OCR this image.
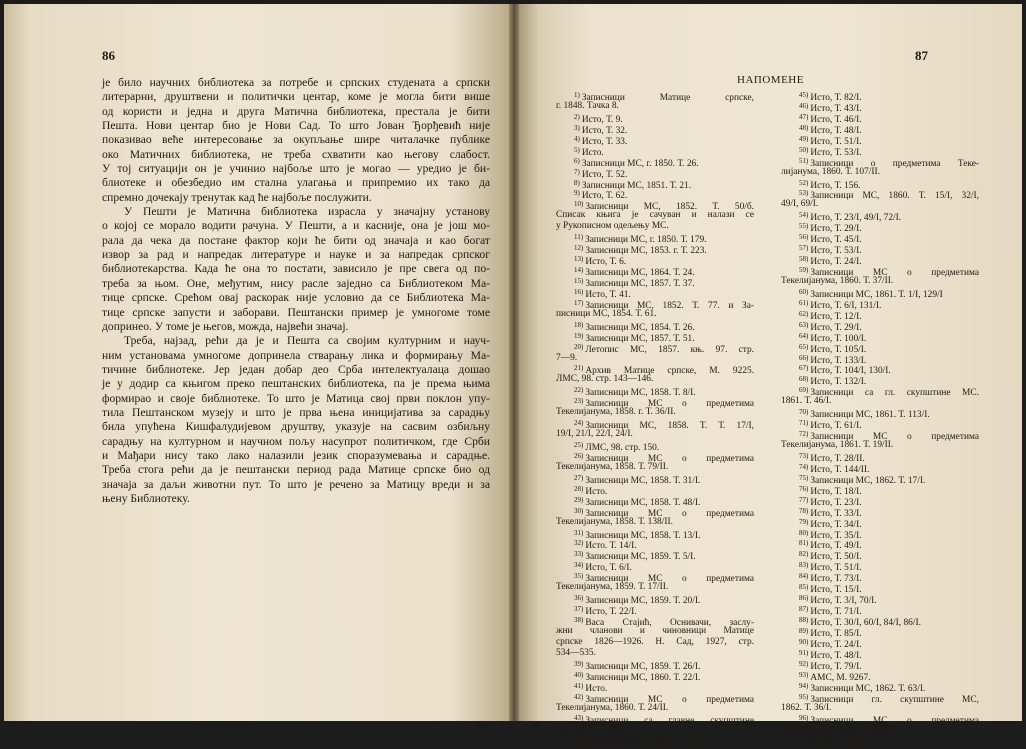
86
је било научних библиотека за потребе и српских студената а српски
литерарни, друштвени и политички центар, коме је могла бити више
од користи и једна и друга Матична библиотека, престала је бити
Пешта. Нови центар био је Нови Сад. То што Јован Ђорђевић није
показивао веће интересовање за окупљање шире читалачке публике
око Матичних библиотека, не треба схватити као његову слабост.
У тој ситуацији он је учинио најбоље што је могао — уредио је би-
блиотеке и обезбедио им стална улагања и припремио их тако да
спремно дочекају тренутак кад ће најбоље послужити.
У Пешти је Матична библиотека израсла у значајну установу
о којој се морало водити рачуна. У Пешти, а и касније, она је још мо-
рала да чека да постане фактор који ће бити од значаја и као богат
извор за рад и напредак литературе и науке и за напредак српског
библиотекарства. Када ће она то постати, зависило је пре свега од по-
треба за њом. Оне, међутим, нису расле заједно са Библиотеком Ма-
тице српске. Срећом овај раскорак није условио да се Библиотека Ма-
тице српске запусти и заборави. Пештански пример је умногоме томе
допринео. У томе је његов, можда, највећи значај.
Треба, најзад, рећи да је и Пешта са својим културним и науч-
ним установама умногоме допринела стварању лика и формирању Ма-
тичине библиотеке. Јер један добар део Срба интелектуалаца дошао
је у додир са књигом преко пештанских библиотека, па је према њима
формирао и своје библиотеке. То што је Матица свој први поклон упу-
тила Пештанском музеју и што је прва њена иницијатива за сарадњу
била упућена Кишфалудијевом друштву, указује на сасвим озбиљну
сарадњу на културном и научном пољу насупрот политичком, где Срби
и Мађари нису тако лако налазили језик споразумевања и сарадње.
Треба стога рећи да је пештански период рада Матице српске био од
значаја за даљи животни пут. То што је речено за Матицу вреди и за
њену Библиотеку.
87
НАПОМЕНЕ
$^{1)}$ Записници Матице српске,
г. 1848. Тачка 8.
$^{2)}$ Исто, Т. 9.
$^{3)}$ Исто, Т. 32.
$^{4)}$ Исто, Т. 33.
$^{5)}$ Исто.
$^{6)}$ Записници МС, г. 1850. Т. 26.
$^{7)}$ Исто, Т. 52.
$^{8)}$ Записници МС, 1851. Т. 21.
$^{9)}$ Исто, Т. 62.
$^{10)}$ Записници МС, 1852. Т. 50/б.
Списак књига је сачуван и налази се
у Рукописном одељењу МС.
$^{11)}$ Записници МС, г. 1850. Т. 179.
$^{12)}$ Записници МС, 1853. г. Т. 223.
$^{13)}$ Исто, Т. 6.
$^{14)}$ Записници МС, 1864. Т. 24.
$^{15)}$ Записници МС, 1857. Т. 37.
$^{16)}$ Исто, Т. 41.
$^{17)}$ Записници МС, 1852. Т. 77. и За-
писници МС, 1854. Т. 61.
$^{18)}$ Записници МС, 1854. Т. 26.
$^{19)}$ Записници МС, 1857. Т. 51.
$^{20)}$ Летопис МС, 1857. књ. 97. стр.
7—9.
$^{21)}$ Архив Матице српске, М. 9225.
ЛМС, 98. стр. 143—146.
$^{22)}$ Записници МС, 1858. Т. 8/І.
$^{23)}$ Записници МС о предметима
Текелијанума, 1858. г. Т. 36/ІІ.
$^{24)}$ Записници МС, 1858. Т. Т. 17/І,
19/І, 21/І, 22/І, 24/І.
$^{25)}$ ЛМС, 98. стр. 150.
$^{26)}$ Записници МС о предметима
Текелијанума, 1858. Т. 79/ІІ.
$^{27)}$ Записници МС, 1858. Т. 31/І.
$^{28)}$ Исто.
$^{29)}$ Записници МС, 1858. Т. 48/І.
$^{30)}$ Записници МС о предметима
Текелијанума, 1858. Т. 138/ІІ.
$^{31)}$ Записници МС, 1858. Т. 13/І.
$^{32)}$ Исто. Т. 14/І.
$^{33)}$ Записници МС, 1859. Т. 5/І.
$^{34)}$ Исто, Т. 6/І.
$^{35)}$ Записници МС о предметима
Текелијанума, 1859. Т. 17/ІІ.
$^{36)}$ Записници МС, 1859. Т. 20/І.
$^{37)}$ Исто, Т. 22/І.
$^{38)}$ Васа Стајић, Оснивачи, заслу-
жни чланови и чиновници Матице
српске 1826—1926. Н. Сад, 1927, стр.
534—535.
$^{39)}$ Записници МС, 1859. Т. 26/І.
$^{40)}$ Записници МС, 1860. Т. 22/І.
$^{41)}$ Исто.
$^{42)}$ Записници МС о предметима
Текелијанума, 1860. Т. 24/ІІ.
$^{43)}$ Записници са главне скупштине
МС, 1859. Т. 34/І.
$^{44)}$ Записници МС, 1860. Т. 17/І.
$^{45)}$ Исто, Т. 82/І.
$^{46)}$ Исто, Т. 43/І.
$^{47)}$ Исто, Т. 46/І.
$^{48)}$ Исто, Т. 48/І.
$^{49)}$ Исто, Т. 51/І.
$^{50)}$ Исто, Т. 53/І.
$^{51)}$ Записници о предметима Теке-
лијанума, 1860. Т. 107/ІІ.
$^{52)}$ Исто, Т. 156.
$^{53)}$ Записници МС, 1860. Т. 15/І, 32/І,
49/І, 69/І.
$^{54)}$ Исто, Т. 23/І, 49/І, 72/І.
$^{55)}$ Исто, Т. 29/І.
$^{56)}$ Исто, Т. 45/І.
$^{57)}$ Исто, Т. 53/І.
$^{58)}$ Исто, Т. 24/І.
$^{59)}$ Записници МС о предметима
Текелијанума, 1860. Т. 37/ІІ.
$^{60)}$ Записници МС, 1861. Т. 1/І, 129/І
$^{61)}$ Исто, Т. 6/І, 131/І.
$^{62)}$ Исто, Т. 12/І.
$^{63)}$ Исто, Т. 29/І.
$^{64)}$ Исто, Т. 100/І.
$^{65)}$ Исто, Т. 105/І.
$^{66)}$ Исто, Т. 133/І.
$^{67)}$ Исто, Т. 104/І, 130/І.
$^{68)}$ Исто, Т. 132/І.
$^{69)}$ Записници са гл. скупштине МС.
1861. Т. 46/І.
$^{70)}$ Записници МС, 1861. Т. 113/І.
$^{71)}$ Исто, Т. 61/І.
$^{72)}$ Записници МС о предметима
Текелијанума, 1861. Т. 19/ІІ.
$^{73)}$ Исто, Т. 28/ІІ.
$^{74)}$ Исто, Т. 144/ІІ.
$^{75)}$ Записници МС, 1862. Т. 17/І.
$^{76)}$ Исто, Т. 18/І.
$^{77)}$ Исто, Т. 23/І.
$^{78)}$ Исто, Т. 33/І.
$^{79)}$ Исто, Т. 34/І.
$^{80)}$ Исто, Т. 35/І.
$^{81)}$ Исто, Т. 49/І.
$^{82)}$ Исто, Т. 50/І.
$^{83)}$ Исто, Т. 51/І.
$^{84)}$ Исто, Т. 73/І.
$^{85)}$ Исто, Т. 15/І.
$^{86)}$ Исто, Т. 3/І, 70/І.
$^{87)}$ Исто, Т. 71/І.
$^{88)}$ Исто, Т. 30/І, 60/І, 84/І, 86/І.
$^{89)}$ Исто, Т. 85/І.
$^{90)}$ Исто, Т. 24/І.
$^{91)}$ Исто, Т. 48/І.
$^{92)}$ Исто, Т. 79/І.
$^{93)}$ АМС, М. 9267.
$^{94)}$ Записници МС, 1862. Т. 63/І.
$^{95)}$ Записници гл. скупштине МС,
1862. Т. 36/І.
$^{96)}$ Записници МС о предметима
Текелијанума, 1863. Т. 36/ІІ.
$^{97)}$ Исто, Т. 59/ІІ.
